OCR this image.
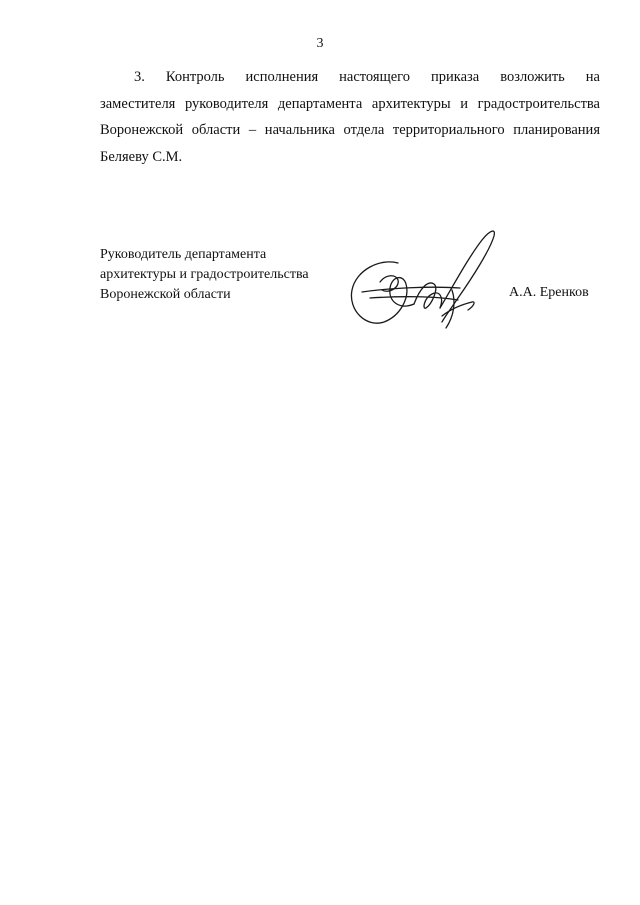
3
3. Контроль исполнения настоящего приказа возложить на
заместителя руководителя департамента архитектуры и градостроительства
Воронежской области – начальника отдела территориального планирования
Беляеву С.М.
Руководитель департамента
архитектуры и градостроительства
Воронежской области	А.А. Еренков
